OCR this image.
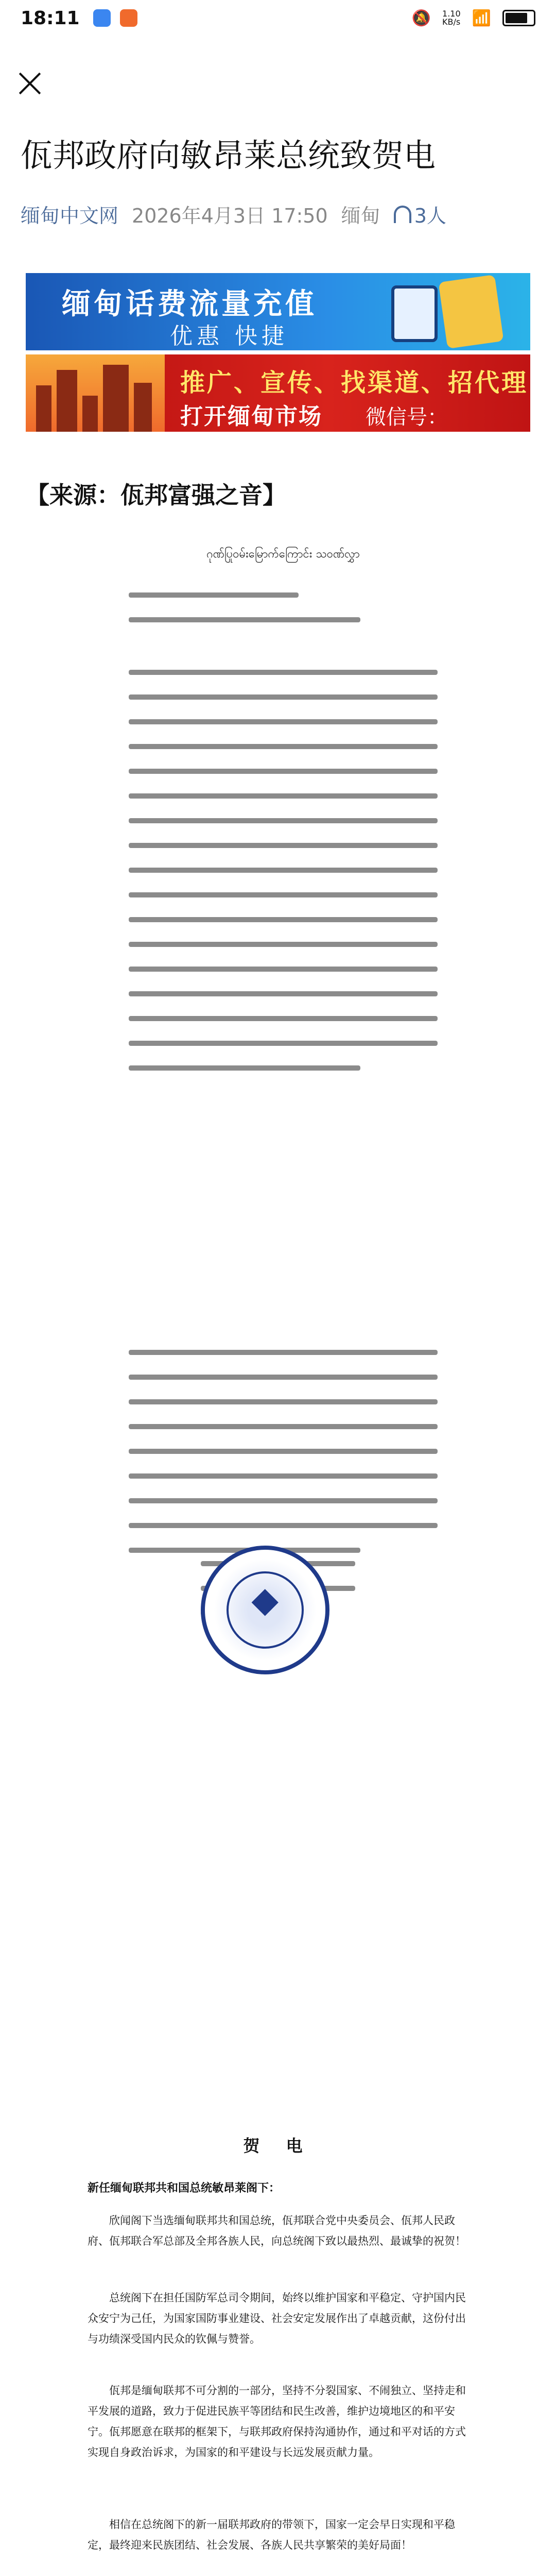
18:11	🔕 1.10
KB/s 📶
佤邦政府向敏昂莱总统致贺电
缅甸中文网 2026年4月3日 17:50 缅甸 3人
缅甸话费流量充值
优惠 快捷
推广、宣传、找渠道、招代理
打开缅甸市场 微信号：mdzww30
【来源：佤邦富强之音】
ဂုဏ်ပြုဝမ်းမြောက်ကြောင်း သဝဏ်လွှာ
贺 电
新任缅甸联邦共和国总统敏昂莱阁下：

欣闻阁下当选缅甸联邦共和国总统，佤邦联合党中央委员会、佤邦人民政府、佤邦联合军总部及全邦各族人民，向总统阁下致以最热烈、最诚挚的祝贺！

总统阁下在担任国防军总司令期间，始终以维护国家和平稳定、守护国内民众安宁为己任，为国家国防事业建设、社会安定发展作出了卓越贡献，这份付出与功绩深受国内民众的钦佩与赞誉。

佤邦是缅甸联邦不可分割的一部分，坚持不分裂国家、不闹独立、坚持走和平发展的道路，致力于促进民族平等团结和民生改善，维护边境地区的和平安宁。佤邦愿意在联邦的框架下，与联邦政府保持沟通协作，通过和平对话的方式实现自身政治诉求，为国家的和平建设与长远发展贡献力量。

相信在总统阁下的新一届联邦政府的带领下，国家一定会早日实现和平稳定，最终迎来民族团结、社会发展、各族人民共享繁荣的美好局面！
